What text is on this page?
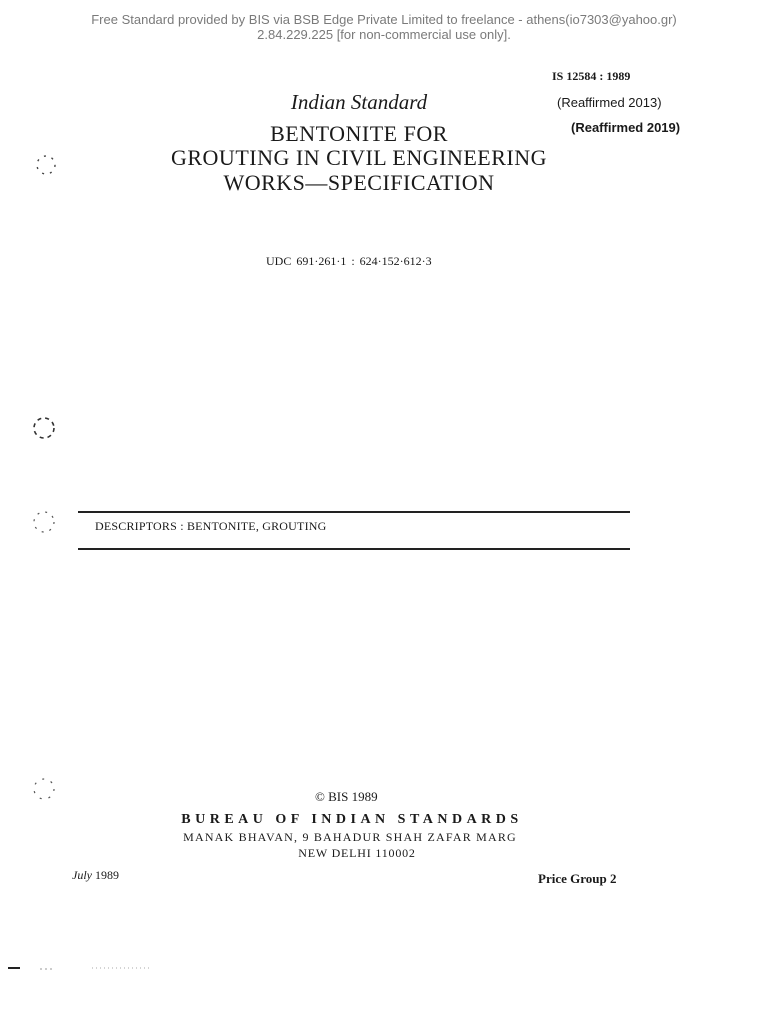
Free Standard provided by BIS via BSB Edge Private Limited to freelance - athens(io7303@yahoo.gr)
2.84.229.225 [for non-commercial use only].
IS 12584 : 1989
(Reaffirmed 2013)
(Reaffirmed 2019)
Indian Standard
BENTONITE FOR
GROUTING IN CIVIL ENGINEERING
WORKS—SPECIFICATION
UDC 691·261·1 : 624·152·612·3
DESCRIPTORS : BENTONITE, GROUTING
© BIS 1989
BUREAU OF INDIAN STANDARDS
MANAK BHAVAN, 9 BAHADUR SHAH ZAFAR MARG
NEW DELHI 110002
July 1989	Price Group 2
